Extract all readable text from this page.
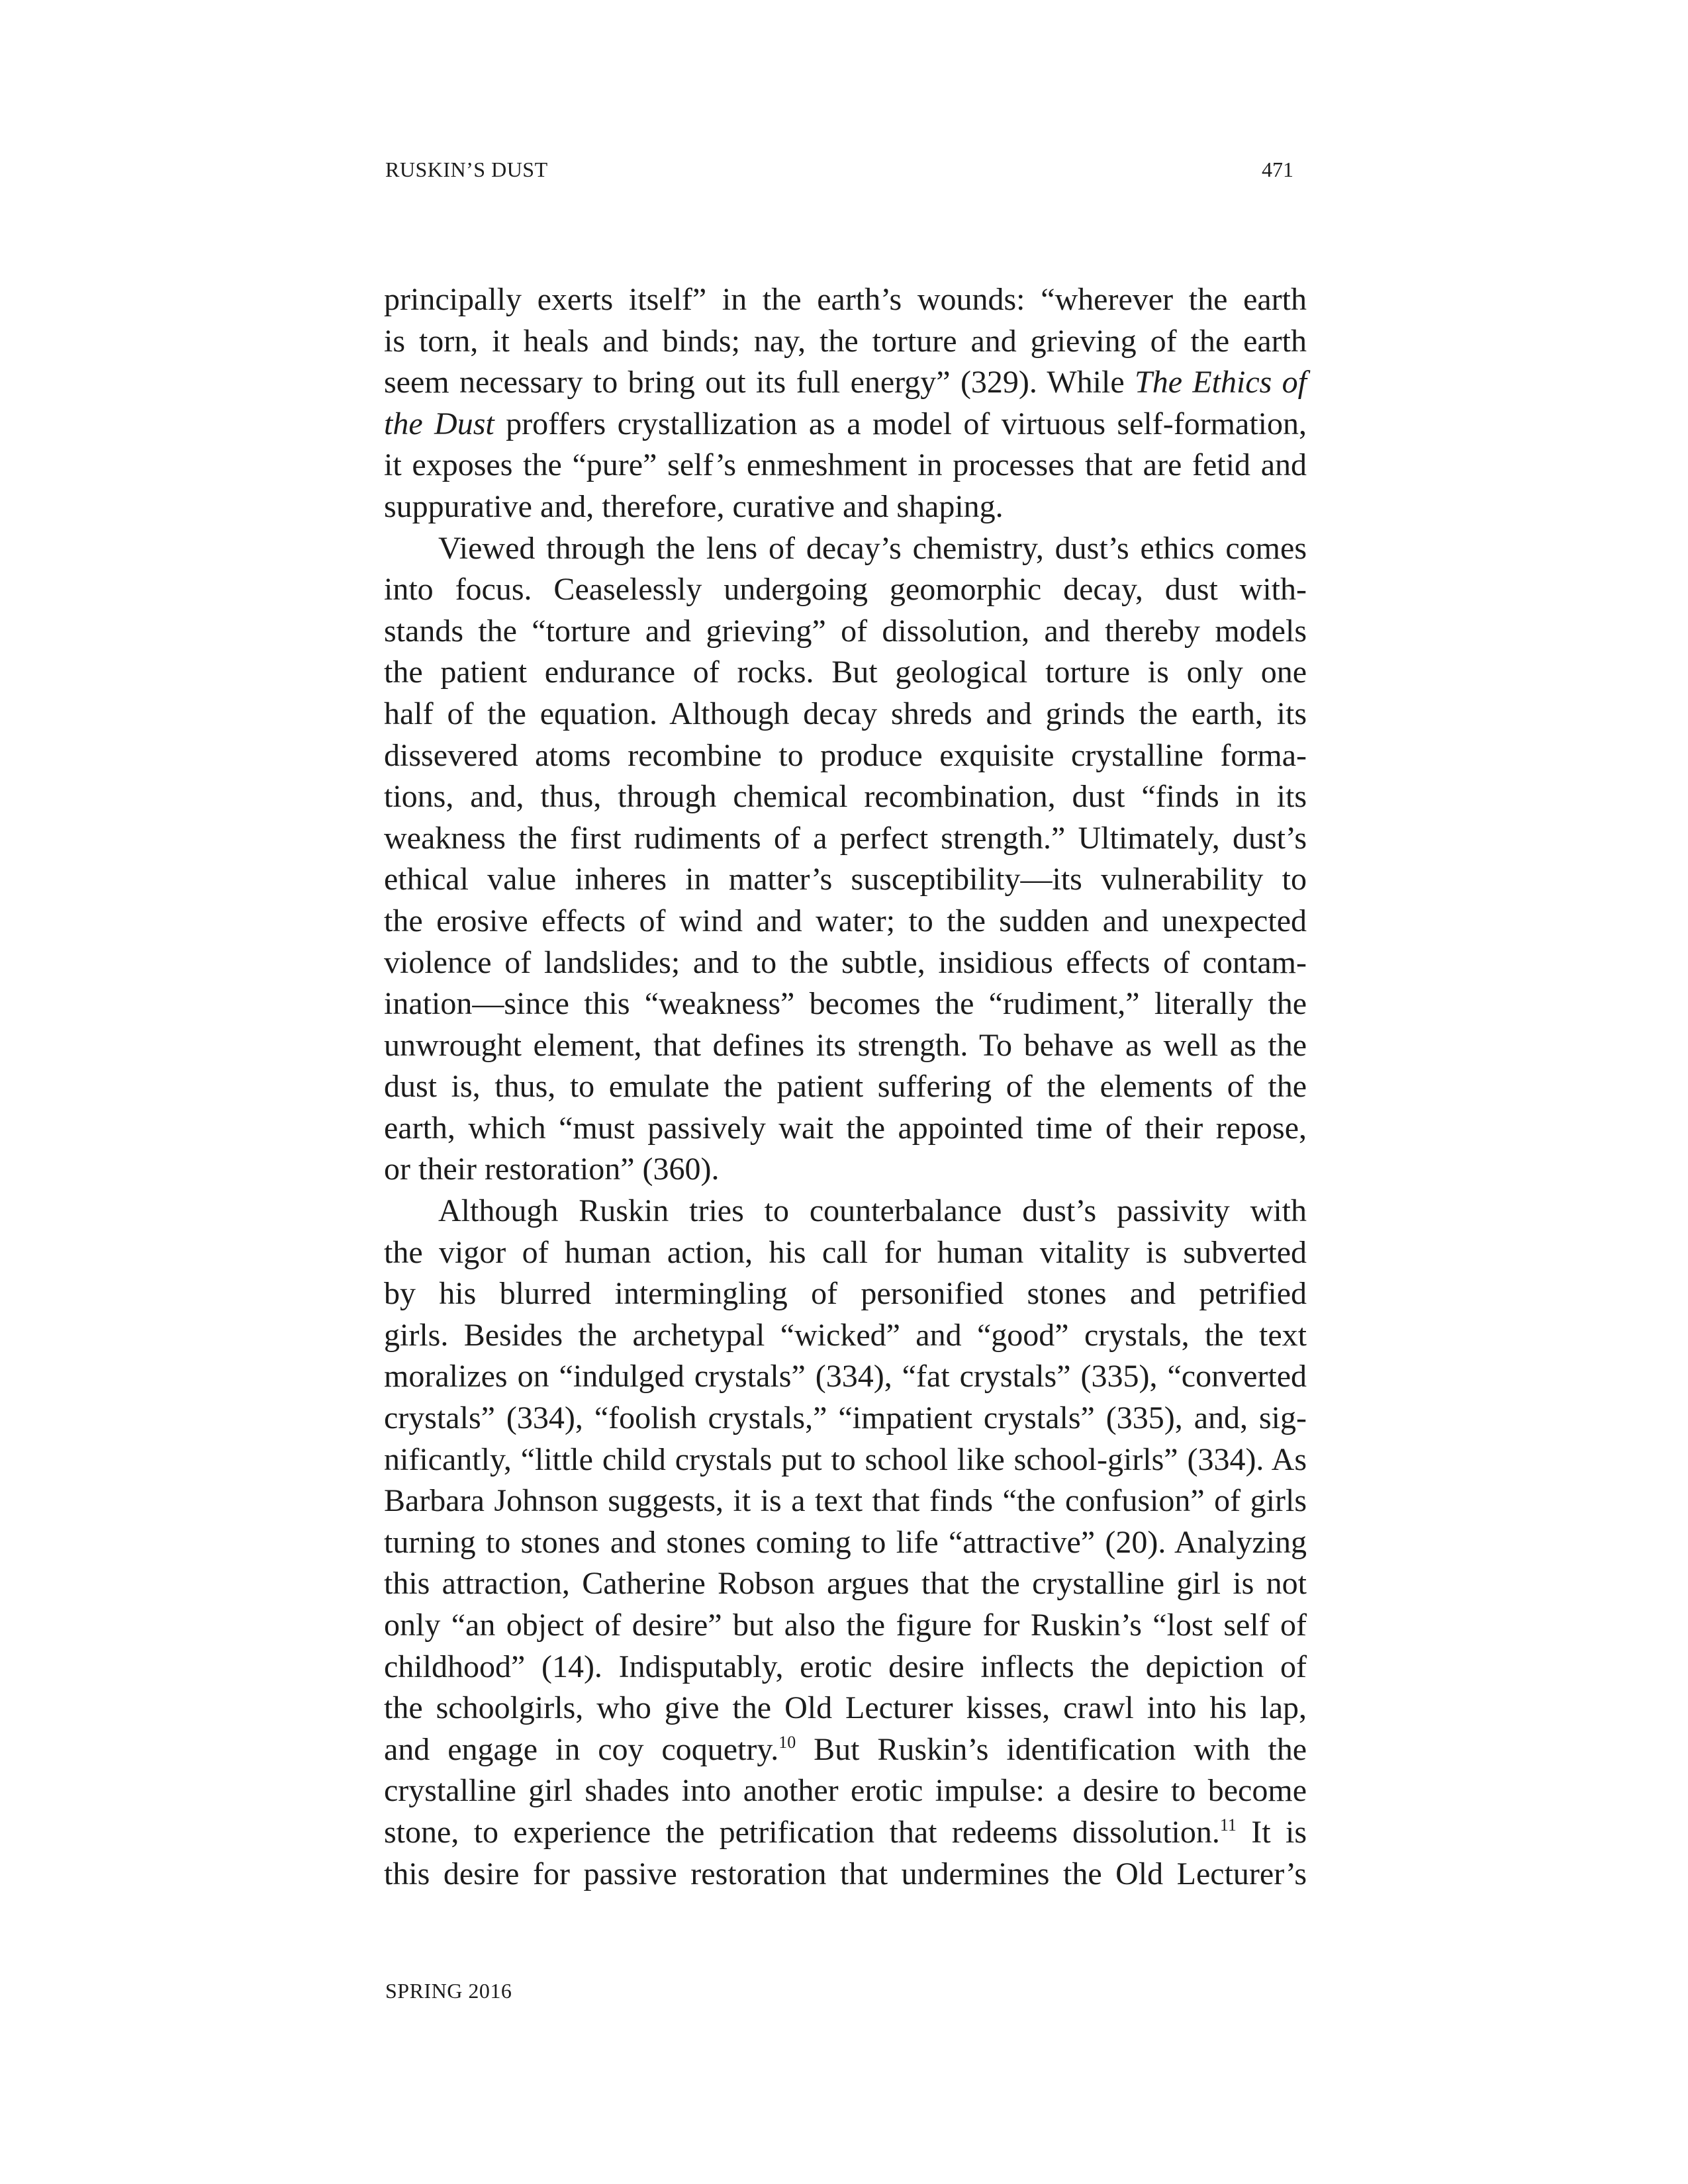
RUSKIN’S DUST	471
principally exerts itself” in the earth’s wounds: “wherever the earth
is torn, it heals and binds; nay, the torture and grieving of the earth
seem necessary to bring out its full energy” (329). While The Ethics of
the Dust proffers crystallization as a model of virtuous self-formation,
it exposes the “pure” self’s enmeshment in processes that are fetid and
suppurative and, therefore, curative and shaping.
Viewed through the lens of decay’s chemistry, dust’s ethics comes
into focus. Ceaselessly undergoing geomorphic decay, dust with-
stands the “torture and grieving” of dissolution, and thereby models
the patient endurance of rocks. But geological torture is only one
half of the equation. Although decay shreds and grinds the earth, its
dissevered atoms recombine to produce exquisite crystalline forma-
tions, and, thus, through chemical recombination, dust “finds in its
weakness the first rudiments of a perfect strength.” Ultimately, dust’s
ethical value inheres in matter’s susceptibility—its vulnerability to
the erosive effects of wind and water; to the sudden and unexpected
violence of landslides; and to the subtle, insidious effects of contam-
ination—since this “weakness” becomes the “rudiment,” literally the
unwrought element, that defines its strength. To behave as well as the
dust is, thus, to emulate the patient suffering of the elements of the
earth, which “must passively wait the appointed time of their repose,
or their restoration” (360).
Although Ruskin tries to counterbalance dust’s passivity with
the vigor of human action, his call for human vitality is subverted
by his blurred intermingling of personified stones and petrified
girls. Besides the archetypal “wicked” and “good” crystals, the text
moralizes on “indulged crystals” (334), “fat crystals” (335), “converted
crystals” (334), “foolish crystals,” “impatient crystals” (335), and, sig-
nificantly, “little child crystals put to school like school-girls” (334). As
Barbara Johnson suggests, it is a text that finds “the confusion” of girls
turning to stones and stones coming to life “attractive” (20). Analyzing
this attraction, Catherine Robson argues that the crystalline girl is not
only “an object of desire” but also the figure for Ruskin’s “lost self of
childhood” (14). Indisputably, erotic desire inflects the depiction of
the schoolgirls, who give the Old Lecturer kisses, crawl into his lap,
and engage in coy coquetry.$^{10}$ But Ruskin’s identification with the
crystalline girl shades into another erotic impulse: a desire to become
stone, to experience the petrification that redeems dissolution.$^{11}$ It is
this desire for passive restoration that undermines the Old Lecturer’s
SPRING 2016
